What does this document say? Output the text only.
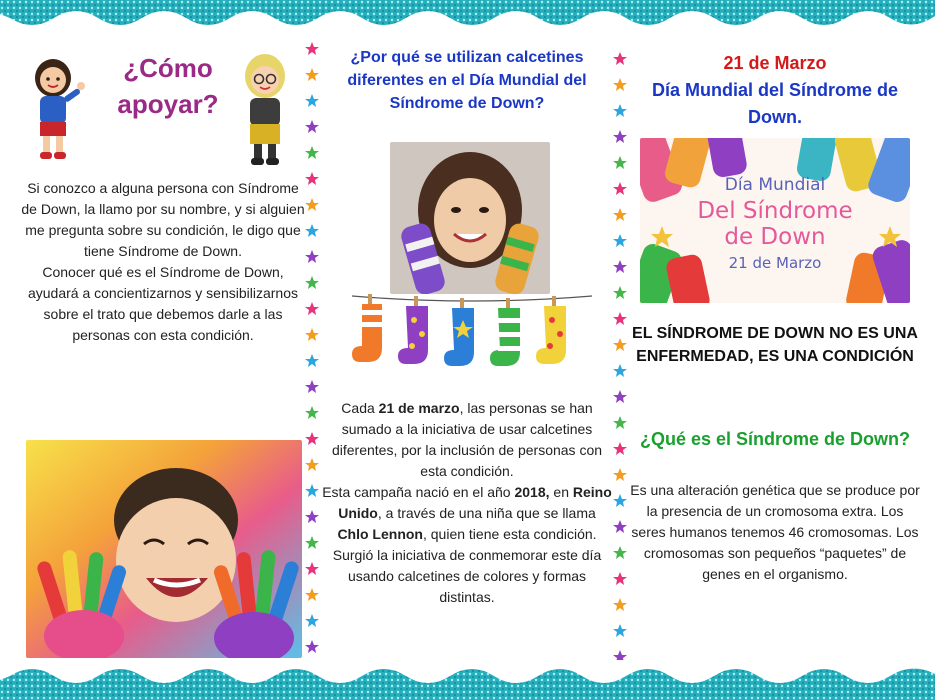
¿Cómo apoyar?
Si conozco a alguna persona con Síndrome de Down, la llamo por su nombre, y si alguien me pregunta sobre su condición, le digo que tiene Síndrome de Down.
Conocer qué es el Síndrome de Down, ayudará a concientizarnos y sensibilizarnos sobre el trato que debemos darle a las personas con esta condición.
¿Por qué se utilizan calcetines diferentes en el Día Mundial del Síndrome de Down?
Cada 21 de marzo, las personas se han sumado a la iniciativa de usar calcetines diferentes, por la inclusión de personas con esta condición.
Esta campaña nació en el año 2018, en Reino Unido, a través de una niña que se llama Chlo Lennon, quien tiene esta condición.
Surgió la iniciativa de conmemorar este día usando calcetines de colores y formas distintas.
21 de Marzo
Día Mundial del Síndrome de Down.
Día Mundial
Del Síndrome
de Down
21 de Marzo
EL SÍNDROME DE DOWN NO ES UNA ENFERMEDAD, ES UNA CONDICIÓN
¿Qué es el Síndrome de Down?
Es una alteración genética que se produce por la presencia de un cromosoma extra. Los seres humanos tenemos 46 cromosomas. Los cromosomas son pequeños “paquetes” de genes en el organismo.
